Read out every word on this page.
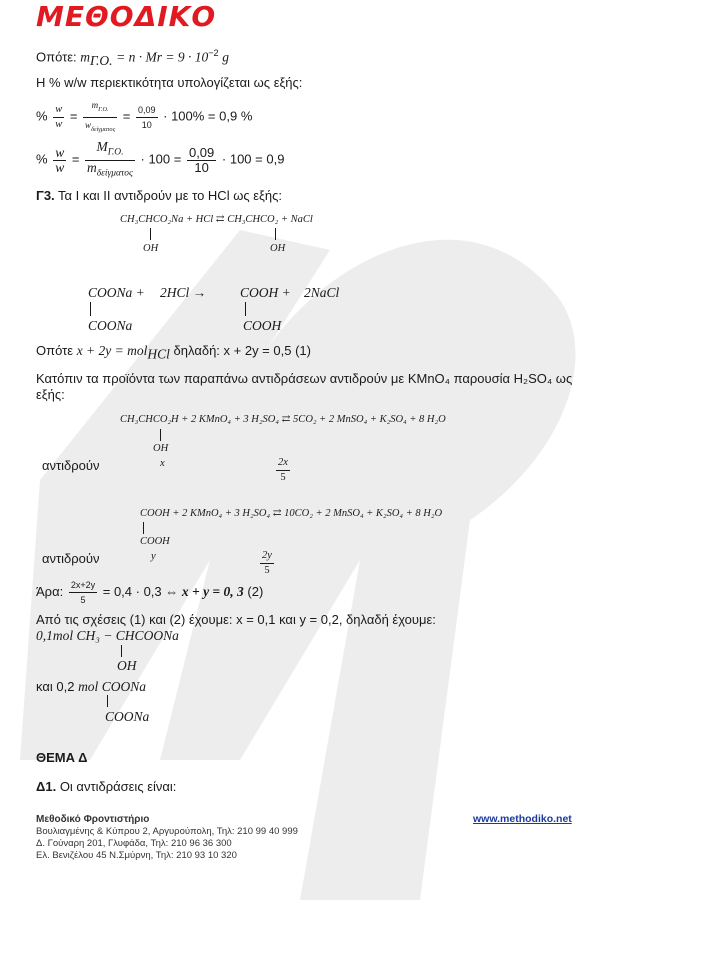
ΜΕΘΟΔΙΚΟ
Οπότε: $m_{\Gamma.O.} = n \cdot Mr = 9 \cdot 10^{-2}$ g
Η % w/w περιεκτικότητα υπολογίζεται ως εξής:
% $\frac{w}{w} = \frac{m_{\Gamma.O.}}{w_{\delta\varepsilon ί\gamma\mu\alpha\tau o\varsigma}} = \frac{0,09}{10} \cdot 100\% = 0,9$ %
% $\frac{w}{w} = \frac{M_{\Gamma.O.}}{m_{\delta\varepsilon ί\gamma\mu\alpha\tau o\varsigma}} \cdot 100 = \frac{0,09}{10} \cdot 100 = 0,9$
Γ3. Τα Ι και ΙΙ αντιδρούν με το HCl ως εξής:
CH₃CHCO₂Na + HCl ⇄ CH₃CHCO₂ + NaCl
OH	OH
COONa + 2HCl →	COOH + 2NaCl
COONa	COOH
Οπότε x + 2y = mol$_{HCl}$ δηλαδή: x + 2y = 0,5 (1)
Κατόπιν τα προϊόντα των παραπάνω αντιδράσεων αντιδρούν με KMnO₄ παρουσία H₂SO₄ ως
εξής:
CH₃CHCO₂H + 2 KMnO₄ + 3 H₂SO₄ ⇄ 5CO₂ + 2 MnSO₄ + K₂SO₄ + 8 H₂O
OH
αντιδρούν	x	$\frac{2x}{5}$
COOH + 2 KMnO₄ + 3 H₂SO₄ ⇄ 10CO₂ + 2 MnSO₄ + K₂SO₄ + 8 H₂O
COOH
αντιδρούν	y	$\frac{2y}{5}$
Άρα: $\frac{2x+2y}{5} = 0,4 \cdot 0,3$ ⇔ x + y = 0, 3 (2)
Από τις σχέσεις (1) και (2) έχουμε: x = 0,1 και y = 0,2, δηλαδή έχουμε:
0,1mol CH₃ − CHCOONa
OH
και 0,2 mol COONa
COONa
ΘΕΜΑ Δ
Δ1. Οι αντιδράσεις είναι:
Μεθοδικό Φροντιστήριο
Βουλιαγμένης & Κύπρου 2, Αργυρούπολη, Τηλ: 210 99 40 999
Δ. Γούναρη 201, Γλυφάδα, Τηλ: 210 96 36 300
Ελ. Βενιζέλου 45 Ν.Σμύρνη, Τηλ: 210 93 10 320
www.methodiko.net
